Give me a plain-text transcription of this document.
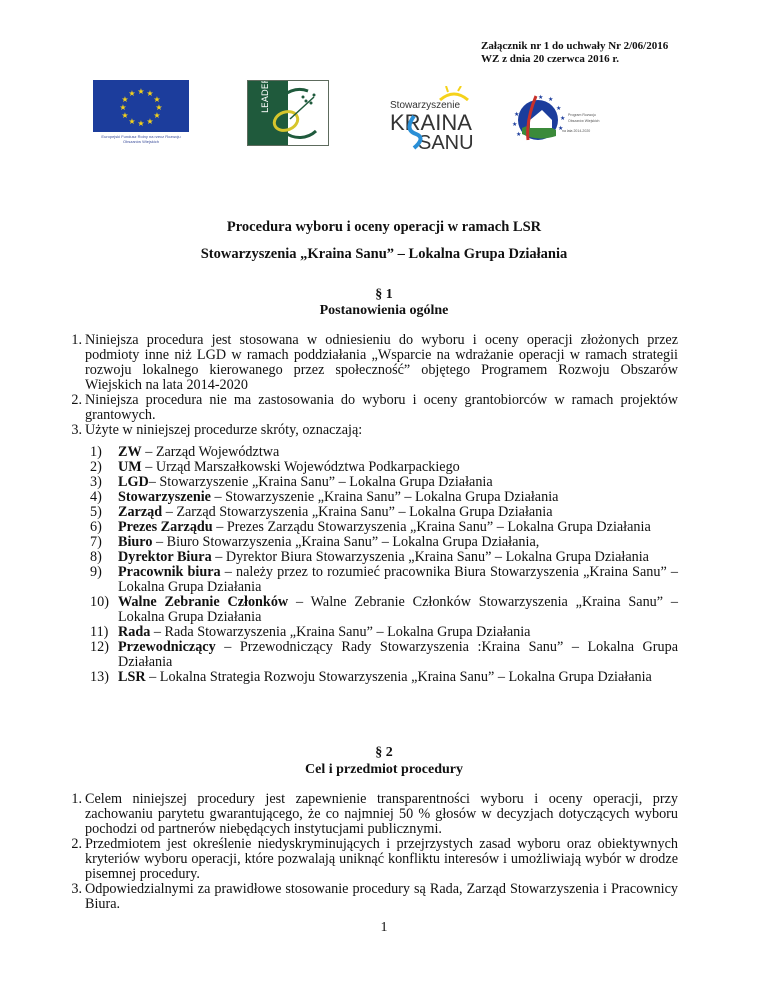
Załącznik nr 1 do uchwały Nr 2/06/2016
WZ z dnia 20 czerwca 2016 r.
★ ★
★
★
★
★
★
★
★
★
★
★
Europejski Fundusz Rolny na rzecz Rozwoju Obszarów Wiejskich
LEADER	Stowarzyszenie
KRAINA
SANU
★
★
★
★
★
★
★ ★
Program Rozwoju
Obszarów Wiejskich
na lata 2014-2020
Procedura wyboru i oceny operacji w ramach LSR
Stowarzyszenia „Kraina Sanu” – Lokalna Grupa Działania
§ 1
Postanowienia ogólne
1. Niniejsza procedura jest stosowana w odniesieniu do wyboru i oceny operacji złożonych przez podmioty inne niż LGD w ramach poddziałania „Wsparcie na wdrażanie operacji w ramach strategii rozwoju lokalnego kierowanego przez społeczność” objętego Programem Rozwoju Obszarów Wiejskich na lata 2014-2020
2. Niniejsza procedura nie ma zastosowania do wyboru i oceny grantobiorców w ramach projektów grantowych.
3. Użyte w niniejszej procedurze skróty, oznaczają:
1) ZW – Zarząd Województwa
2) UM – Urząd Marszałkowski Województwa Podkarpackiego
3) LGD– Stowarzyszenie „Kraina Sanu” – Lokalna Grupa Działania
4) Stowarzyszenie – Stowarzyszenie „Kraina Sanu” – Lokalna Grupa Działania
5) Zarząd – Zarząd Stowarzyszenia „Kraina Sanu” – Lokalna Grupa Działania
6) Prezes Zarządu – Prezes Zarządu Stowarzyszenia „Kraina Sanu” – Lokalna Grupa Działania
7) Biuro – Biuro Stowarzyszenia „Kraina Sanu” – Lokalna Grupa Działania,
8) Dyrektor Biura – Dyrektor Biura Stowarzyszenia „Kraina Sanu” – Lokalna Grupa Działania
9) Pracownik biura – należy przez to rozumieć pracownika Biura Stowarzyszenia „Kraina Sanu” – Lokalna Grupa Działania
10) Walne Zebranie Członków – Walne Zebranie Członków Stowarzyszenia „Kraina Sanu” – Lokalna Grupa Działania
11) Rada – Rada Stowarzyszenia „Kraina Sanu” – Lokalna Grupa Działania
12) Przewodniczący – Przewodniczący Rady Stowarzyszenia :Kraina Sanu” – Lokalna Grupa Działania
13) LSR – Lokalna Strategia Rozwoju Stowarzyszenia „Kraina Sanu” – Lokalna Grupa Działania
§ 2
Cel i przedmiot procedury
1. Celem niniejszej procedury jest zapewnienie transparentności wyboru i oceny operacji, przy zachowaniu parytetu gwarantującego, że co najmniej 50 % głosów w decyzjach dotyczących wyboru pochodzi od partnerów niebędących instytucjami publicznymi.
2. Przedmiotem jest określenie niedyskryminujących i przejrzystych zasad wyboru oraz obiektywnych kryteriów wyboru operacji, które pozwalają uniknąć konfliktu interesów i umożliwiają wybór w drodze pisemnej procedury.
3. Odpowiedzialnymi za prawidłowe stosowanie procedury są Rada, Zarząd Stowarzyszenia i Pracownicy Biura.
1
